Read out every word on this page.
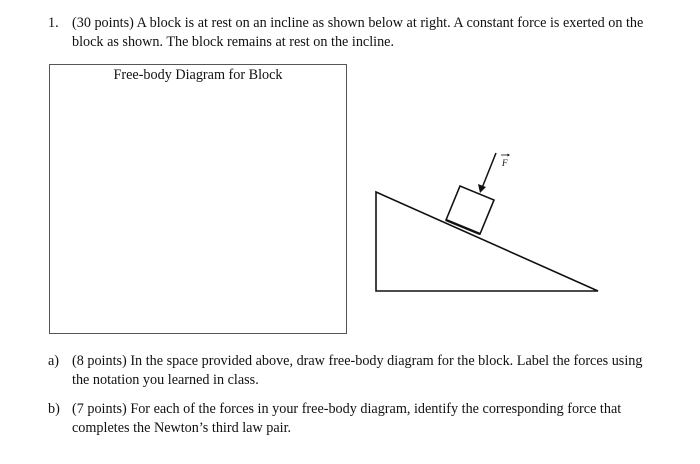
1. (30 points) A block is at rest on an incline as shown below at right. A constant force is exerted on the block as shown. The block remains at rest on the incline.
Free-body Diagram for Block
F
a) (8 points) In the space provided above, draw free-body diagram for the block. Label the forces using the notation you learned in class.
b) (7 points) For each of the forces in your free-body diagram, identify the corresponding force that completes the Newton’s third law pair.
